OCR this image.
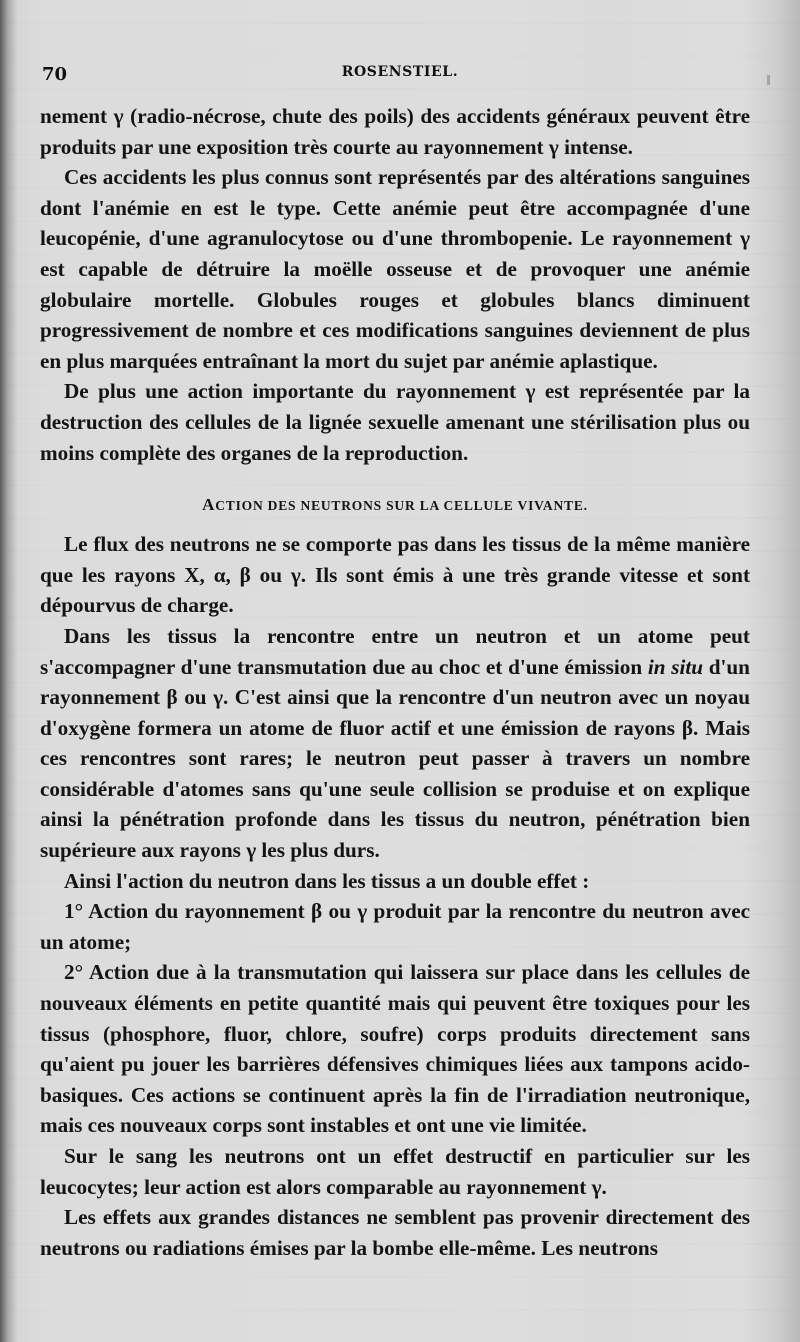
70	ROSENSTIEL.

nement γ (radio-nécrose, chute des poils) des accidents généraux peuvent être produits par une exposition très courte au rayonnement γ intense.

Ces accidents les plus connus sont représentés par des altérations sanguines dont l'anémie en est le type. Cette anémie peut être accompagnée d'une leucopénie, d'une agranulocytose ou d'une thrombopenie. Le rayonnement γ est capable de détruire la moëlle osseuse et de provoquer une anémie globulaire mortelle. Globules rouges et globules blancs diminuent progressivement de nombre et ces modifications sanguines deviennent de plus en plus marquées entraînant la mort du sujet par anémie aplastique.

De plus une action importante du rayonnement γ est représentée par la destruction des cellules de la lignée sexuelle amenant une stérilisation plus ou moins complète des organes de la reproduction.

ACTION DES NEUTRONS SUR LA CELLULE VIVANTE.

Le flux des neutrons ne se comporte pas dans les tissus de la même manière que les rayons X, α, β ou γ. Ils sont émis à une très grande vitesse et sont dépourvus de charge.

Dans les tissus la rencontre entre un neutron et un atome peut s'accompagner d'une transmutation due au choc et d'une émission in situ d'un rayonnement β ou γ. C'est ainsi que la rencontre d'un neutron avec un noyau d'oxygène formera un atome de fluor actif et une émission de rayons β. Mais ces rencontres sont rares; le neutron peut passer à travers un nombre considérable d'atomes sans qu'une seule collision se produise et on explique ainsi la pénétration profonde dans les tissus du neutron, pénétration bien supérieure aux rayons γ les plus durs.

Ainsi l'action du neutron dans les tissus a un double effet :

1° Action du rayonnement β ou γ produit par la rencontre du neutron avec un atome;

2° Action due à la transmutation qui laissera sur place dans les cellules de nouveaux éléments en petite quantité mais qui peuvent être toxiques pour les tissus (phosphore, fluor, chlore, soufre) corps produits directement sans qu'aient pu jouer les barrières défensives chimiques liées aux tampons acido-basiques. Ces actions se continuent après la fin de l'irradiation neutronique, mais ces nouveaux corps sont instables et ont une vie limitée.

Sur le sang les neutrons ont un effet destructif en particulier sur les leucocytes; leur action est alors comparable au rayonnement γ.

Les effets aux grandes distances ne semblent pas provenir directement des neutrons ou radiations émises par la bombe elle-même. Les neutrons
